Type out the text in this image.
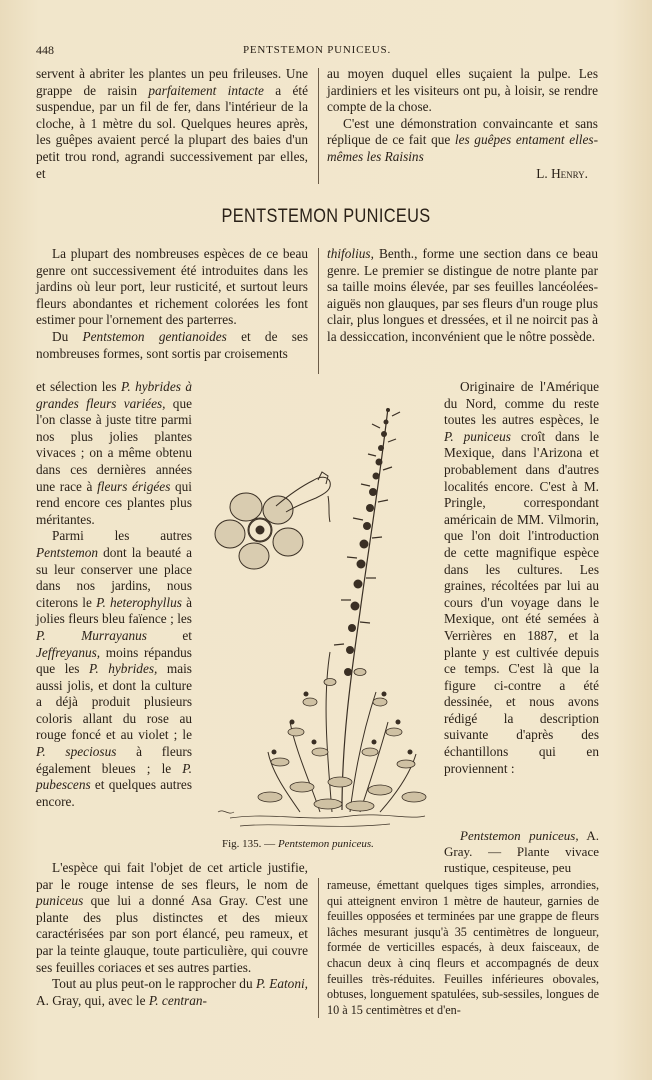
448	PENTSTEMON PUNICEUS.

servent à abriter les plantes un peu frileuses. Une grappe de raisin parfaitement intacte a été suspendue, par un fil de fer, dans l'intérieur de la cloche, à 1 mètre du sol. Quelques heures après, les guêpes avaient percé la plupart des baies d'un petit trou rond, agrandi successivement par elles, et

au moyen duquel elles suçaient la pulpe. Les jardiniers et les visiteurs ont pu, à loisir, se rendre compte de la chose.

C'est une démonstration convaincante et sans réplique de ce fait que les guêpes entament elles-mêmes les Raisins

L. Henry.

PENTSTEMON PUNICEUS

La plupart des nombreuses espèces de ce beau genre ont successivement été introduites dans les jardins où leur port, leur rusticité, et surtout leurs fleurs abondantes et richement colorées les font estimer pour l'ornement des parterres.

Du Pentstemon gentianoides et de ses nombreuses formes, sont sortis par croisements

thifolius, Benth., forme une section dans ce beau genre. Le premier se distingue de notre plante par sa taille moins élevée, par ses feuilles lancéolées-aiguës non glauques, par ses fleurs d'un rouge plus clair, plus longues et dressées, et il ne noircit pas à la dessiccation, inconvénient que le nôtre possède.

et sélection les P. hybrides à grandes fleurs variées, que l'on classe à juste titre parmi nos plus jolies plantes vivaces ; on a même obtenu dans ces dernières années une race à fleurs érigées qui rend encore ces plantes plus méritantes.

Parmi les autres Pentstemon dont la beauté a su leur conserver une place dans nos jardins, nous citerons le P. heterophyllus à jolies fleurs bleu faïence ; les P. Murrayanus et Jeffreyanus, moins répandus que les P. hybrides, mais aussi jolis, et dont la culture a déjà produit plusieurs coloris allant du rose au rouge foncé et au violet ; le P. speciosus à fleurs également bleues ; le P. pubescens et quelques autres encore.

Originaire de l'Amérique du Nord, comme du reste toutes les autres espèces, le P. puniceus croît dans le Mexique, dans l'Arizona et probablement dans d'autres localités encore. C'est à M. Pringle, correspondant américain de MM. Vilmorin, que l'on doit l'introduction de cette magnifique espèce dans les cultures. Les graines, récoltées par lui au cours d'un voyage dans le Mexique, ont été semées à Verrières en 1887, et la plante y est cultivée depuis ce temps. C'est là que la figure ci-contre a été dessinée, et nous avons rédigé la description suivante d'après des échantillons qui en proviennent :

Fig. 135. — Pentstemon puniceus.

Pentstemon puniceus, A. Gray. — Plante vivace rustique, cespiteuse, peu

L'espèce qui fait l'objet de cet article justifie, par le rouge intense de ses fleurs, le nom de puniceus que lui a donné Asa Gray. C'est une plante des plus distinctes et des mieux caractérisées par son port élancé, peu rameux, et par la teinte glauque, toute particulière, qui couvre ses feuilles coriaces et ses autres parties.

Tout au plus peut-on le rapprocher du P. Eatoni, A. Gray, qui, avec le P. centran-

rameuse, émettant quelques tiges simples, arrondies, qui atteignent environ 1 mètre de hauteur, garnies de feuilles opposées et terminées par une grappe de fleurs lâches mesurant jusqu'à 35 centimètres de longueur, formée de verticilles espacés, à deux faisceaux, de chacun deux à cinq fleurs et accompagnés de deux feuilles très-réduites. Feuilles inférieures obovales, obtuses, longuement spatulées, sub-sessiles, longues de 10 à 15 centimètres et d'en-
